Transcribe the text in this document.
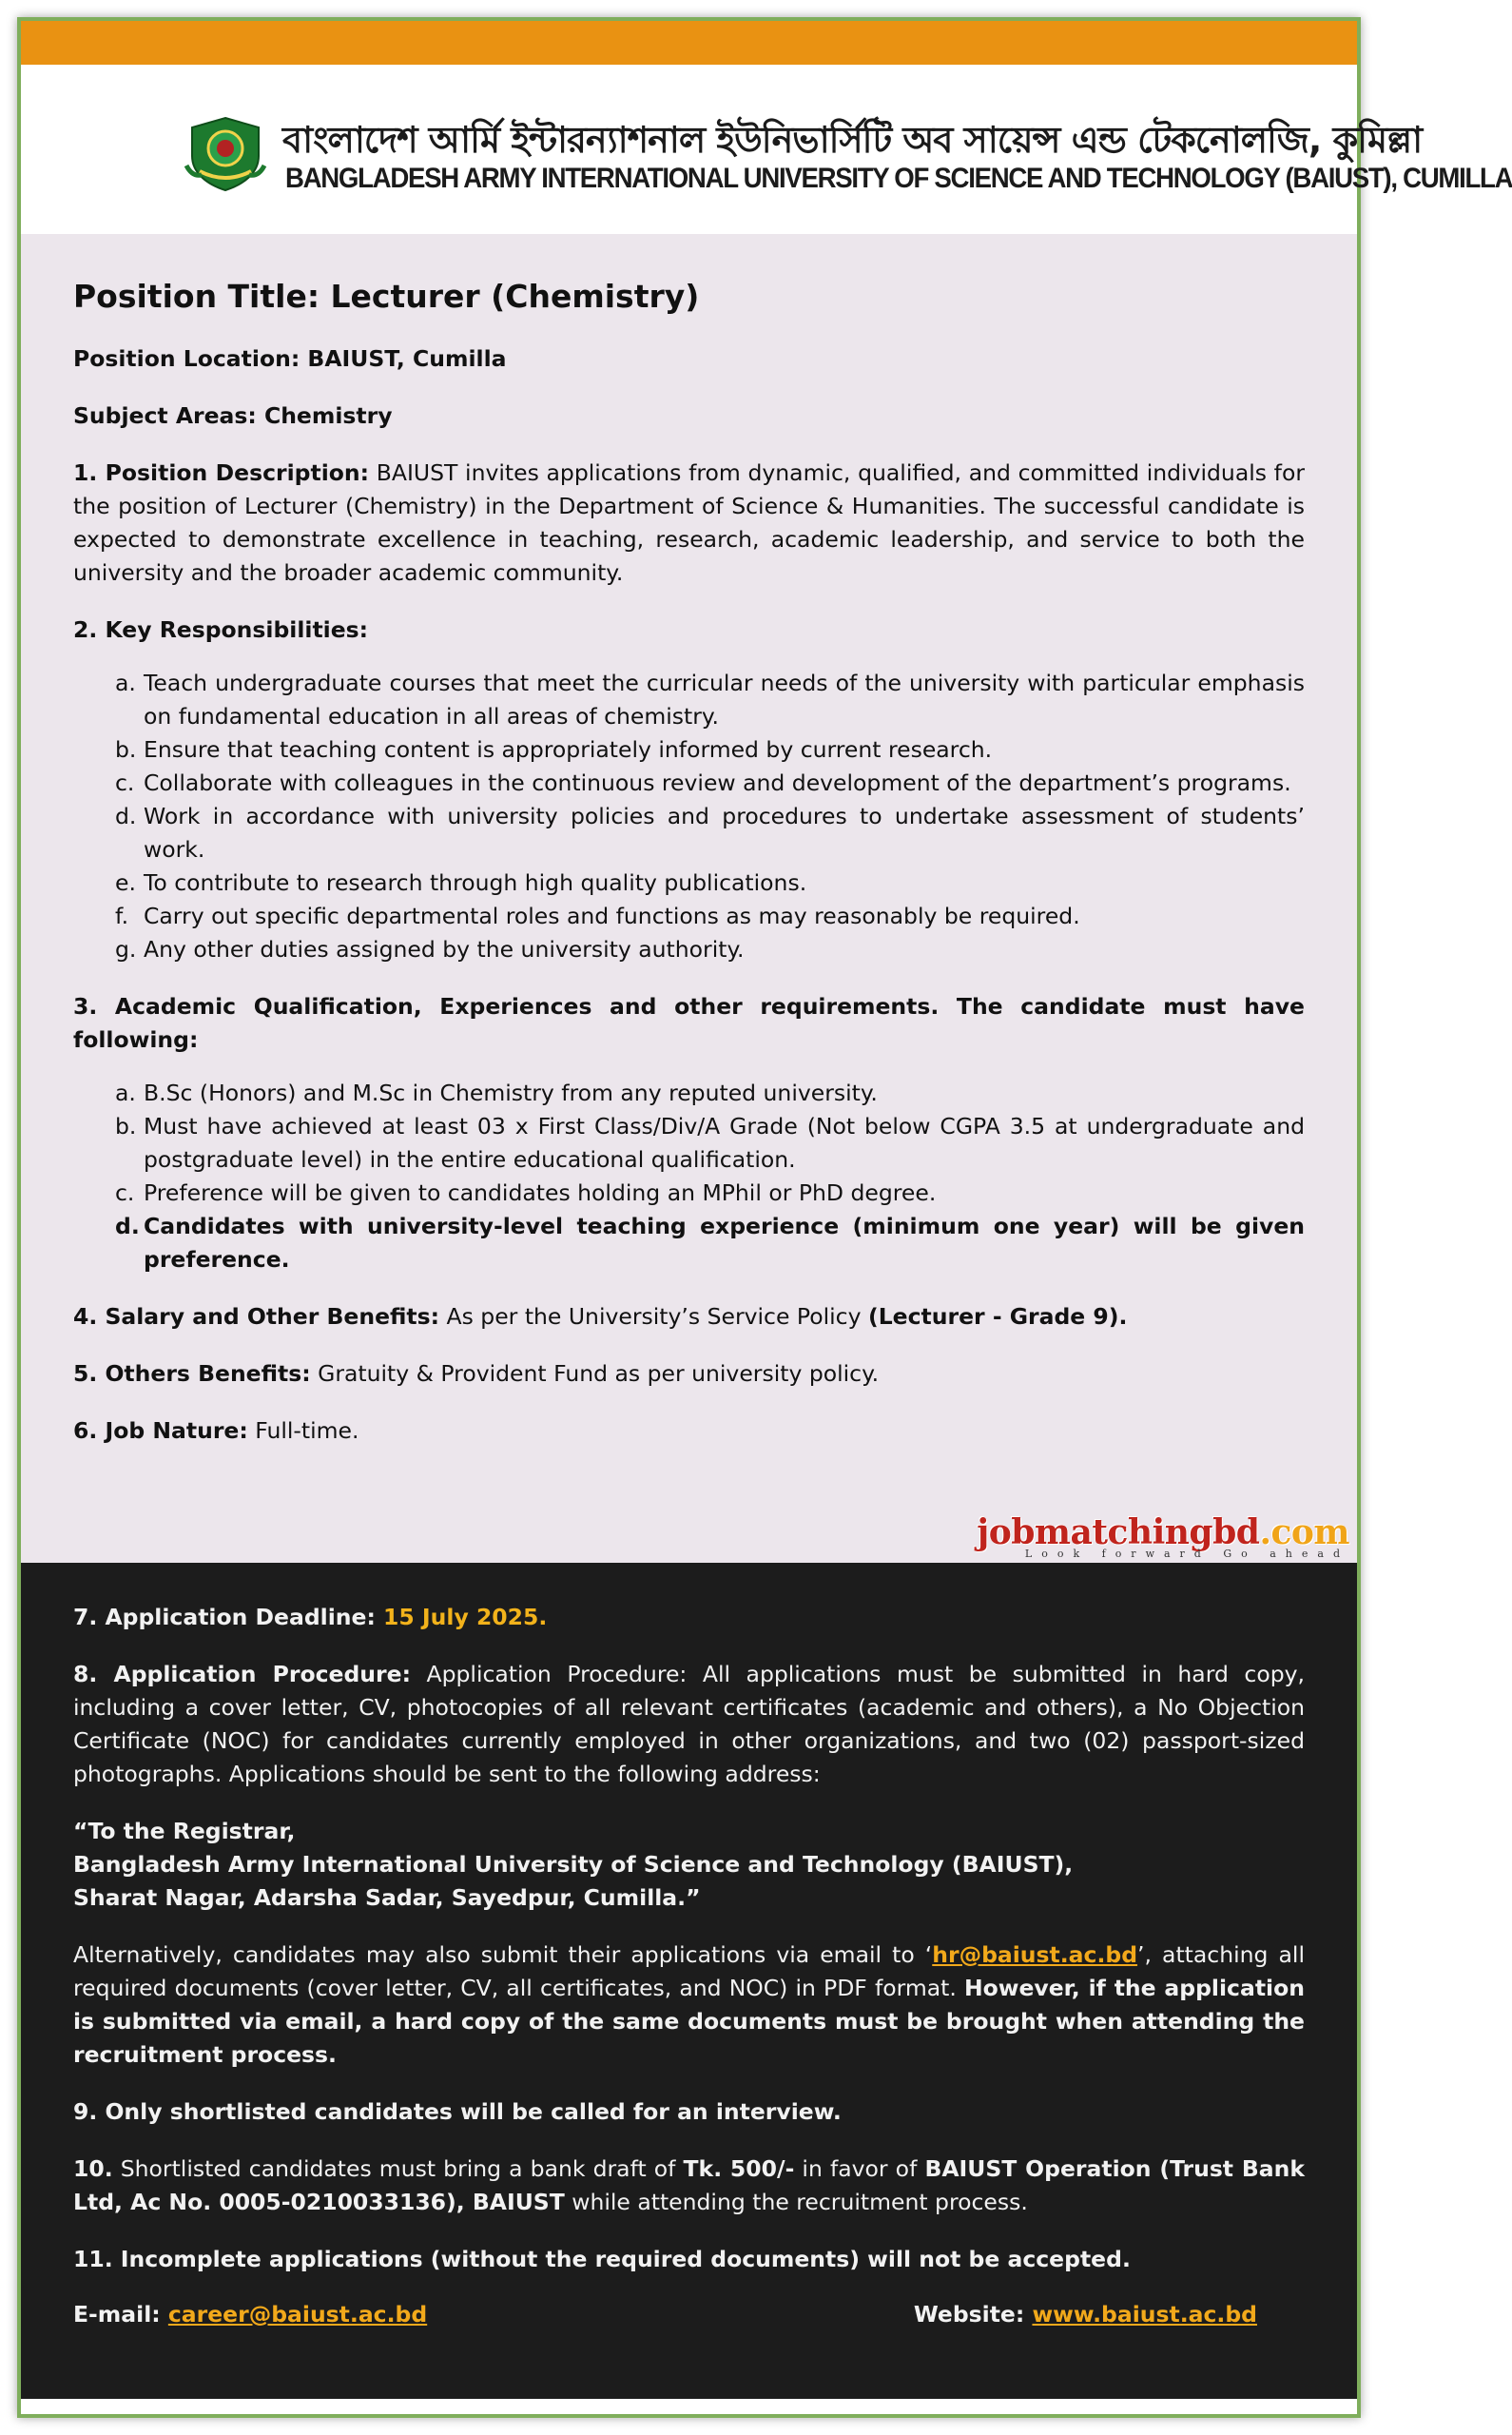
বাংলাদেশ আর্মি ইন্টারন্যাশনাল ইউনিভার্সিটি অব সায়েন্স এন্ড টেকনোলজি, কুমিল্লা
BANGLADESH ARMY INTERNATIONAL UNIVERSITY OF SCIENCE AND TECHNOLOGY (BAIUST), CUMILLA
Position Title: Lecturer (Chemistry)

Position Location: BAIUST, Cumilla

Subject Areas: Chemistry

1. Position Description: BAIUST invites applications from dynamic, qualified, and committed individuals for the position of Lecturer (Chemistry) in the Department of Science & Humanities. The successful candidate is expected to demonstrate excellence in teaching, research, academic leadership, and service to both the university and the broader academic community.

2. Key Responsibilities:

a. Teach undergraduate courses that meet the curricular needs of the university with particular emphasis on fundamental education in all areas of chemistry.
b. Ensure that teaching content is appropriately informed by current research.
c. Collaborate with colleagues in the continuous review and development of the department’s programs.
d. Work in accordance with university policies and procedures to undertake assessment of students’ work.
e. To contribute to research through high quality publications.
f. Carry out specific departmental roles and functions as may reasonably be required.
g. Any other duties assigned by the university authority.

3. Academic Qualification, Experiences and other requirements. The candidate must have following:

a. B.Sc (Honors) and M.Sc in Chemistry from any reputed university.
b. Must have achieved at least 03 x First Class/Div/A Grade (Not below CGPA 3.5 at undergraduate and postgraduate level) in the entire educational qualification.
c. Preference will be given to candidates holding an MPhil or PhD degree.
d. Candidates with university-level teaching experience (minimum one year) will be given preference.

4. Salary and Other Benefits: As per the University’s Service Policy (Lecturer - Grade 9).

5. Others Benefits: Gratuity & Provident Fund as per university policy.

6. Job Nature: Full-time.

jobmatchingbd.com
Look forward Go ahead

7. Application Deadline: 15 July 2025.

8. Application Procedure: Application Procedure: All applications must be submitted in hard copy, including a cover letter, CV, photocopies of all relevant certificates (academic and others), a No Objection Certificate (NOC) for candidates currently employed in other organizations, and two (02) passport-sized photographs. Applications should be sent to the following address:

“To the Registrar,
Bangladesh Army International University of Science and Technology (BAIUST),
Sharat Nagar, Adarsha Sadar, Sayedpur, Cumilla.”

Alternatively, candidates may also submit their applications via email to ‘hr@baiust.ac.bd’, attaching all required documents (cover letter, CV, all certificates, and NOC) in PDF format. However, if the application is submitted via email, a hard copy of the same documents must be brought when attending the recruitment process.

9. Only shortlisted candidates will be called for an interview.

10. Shortlisted candidates must bring a bank draft of Tk. 500/- in favor of BAIUST Operation (Trust Bank Ltd, Ac No. 0005-0210033136), BAIUST while attending the recruitment process.

11. Incomplete applications (without the required documents) will not be accepted.

E-mail: career@baiust.ac.bd	Website: www.baiust.ac.bd
